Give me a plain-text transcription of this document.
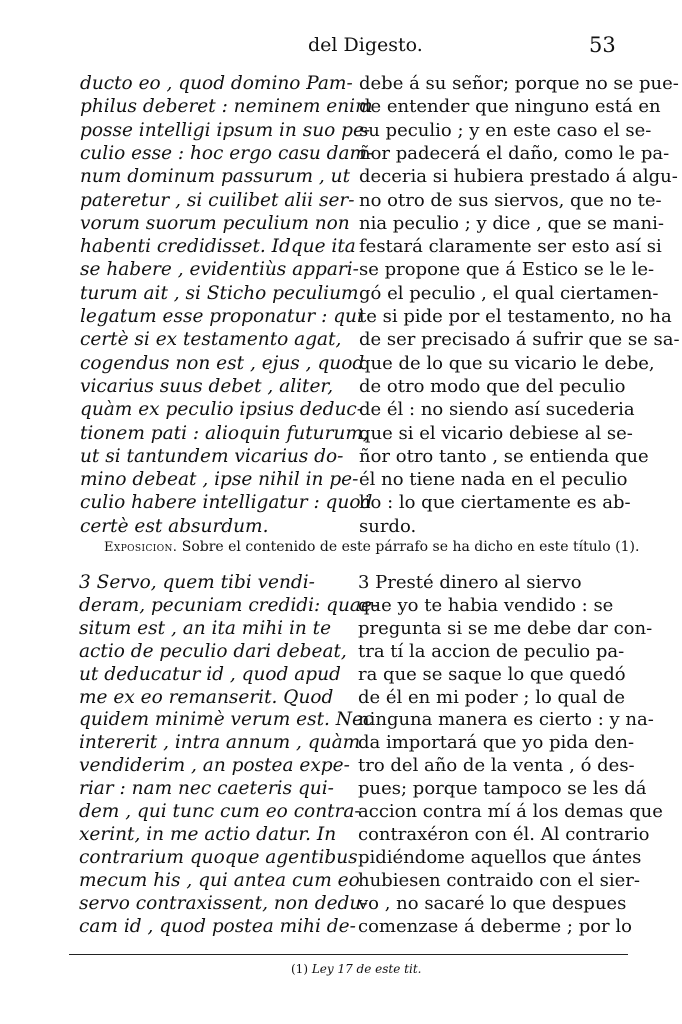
del Digesto.	53
ducto eo , quod domino Pam-
philus deberet : neminem enim
posse intelligi ipsum in suo pe-
culio esse : hoc ergo casu dam-
num dominum passurum , ut
pateretur , si cuilibet alii ser-
vorum suorum peculium non
habenti credidisset. Idque ita
se habere , evidentiùs appari-
turum ait , si Sticho peculium
legatum esse proponatur : qui
certè si ex testamento agat,
cogendus non est , ejus , quod
vicarius suus debet , aliter,
quàm ex peculio ipsius deduc-
tionem pati : alioquin futurum,
ut si tantundem vicarius do-
mino debeat , ipse nihil in pe-
culio habere intelligatur : quod
certè est absurdum.
debe á su señor; porque no se pue-
de entender que ninguno está en
su peculio ; y en este caso el se-
ñor padecerá el daño, como le pa-
deceria si hubiera prestado á algu-
no otro de sus siervos, que no te-
nia peculio ; y dice , que se mani-
festará claramente ser esto así si
se propone que á Estico se le le-
gó el peculio , el qual ciertamen-
te si pide por el testamento, no ha
de ser precisado á sufrir que se sa-
que de lo que su vicario le debe,
de otro modo que del peculio
de él : no siendo así sucederia
que si el vicario debiese al se-
ñor otro tanto , se entienda que
él no tiene nada en el peculio
lio : lo que ciertamente es ab-
surdo.
Exposicion. Sobre el contenido de este párrafo se ha dicho en este título (1).
3 Servo, quem tibi vendi-
deram, pecuniam credidi: quae-
situm est , an ita mihi in te
actio de peculio dari debeat,
ut deducatur id , quod apud
me ex eo remanserit. Quod
quidem minimè verum est. Nec
intererit , intra annum , quàm
vendiderim , an postea expe-
riar : nam nec caeteris qui-
dem , qui tunc cum eo contra-
xerint, in me actio datur. In
contrarium quoque agentibus
mecum his , qui antea cum eo
servo contraxissent, non dedu-
cam id , quod postea mihi de-
3 Presté dinero al siervo
que yo te habia vendido : se
pregunta si se me debe dar con-
tra tí la accion de peculio pa-
ra que se saque lo que quedó
de él en mi poder ; lo qual de
ninguna manera es cierto : y na-
da importará que yo pida den-
tro del año de la venta , ó des-
pues; porque tampoco se les dá
accion contra mí á los demas que
contraxéron con él. Al contrario
pidiéndome aquellos que ántes
hubiesen contraido con el sier-
vo , no sacaré lo que despues
comenzase á deberme ; por lo
(1) Ley 17 de este tit.
